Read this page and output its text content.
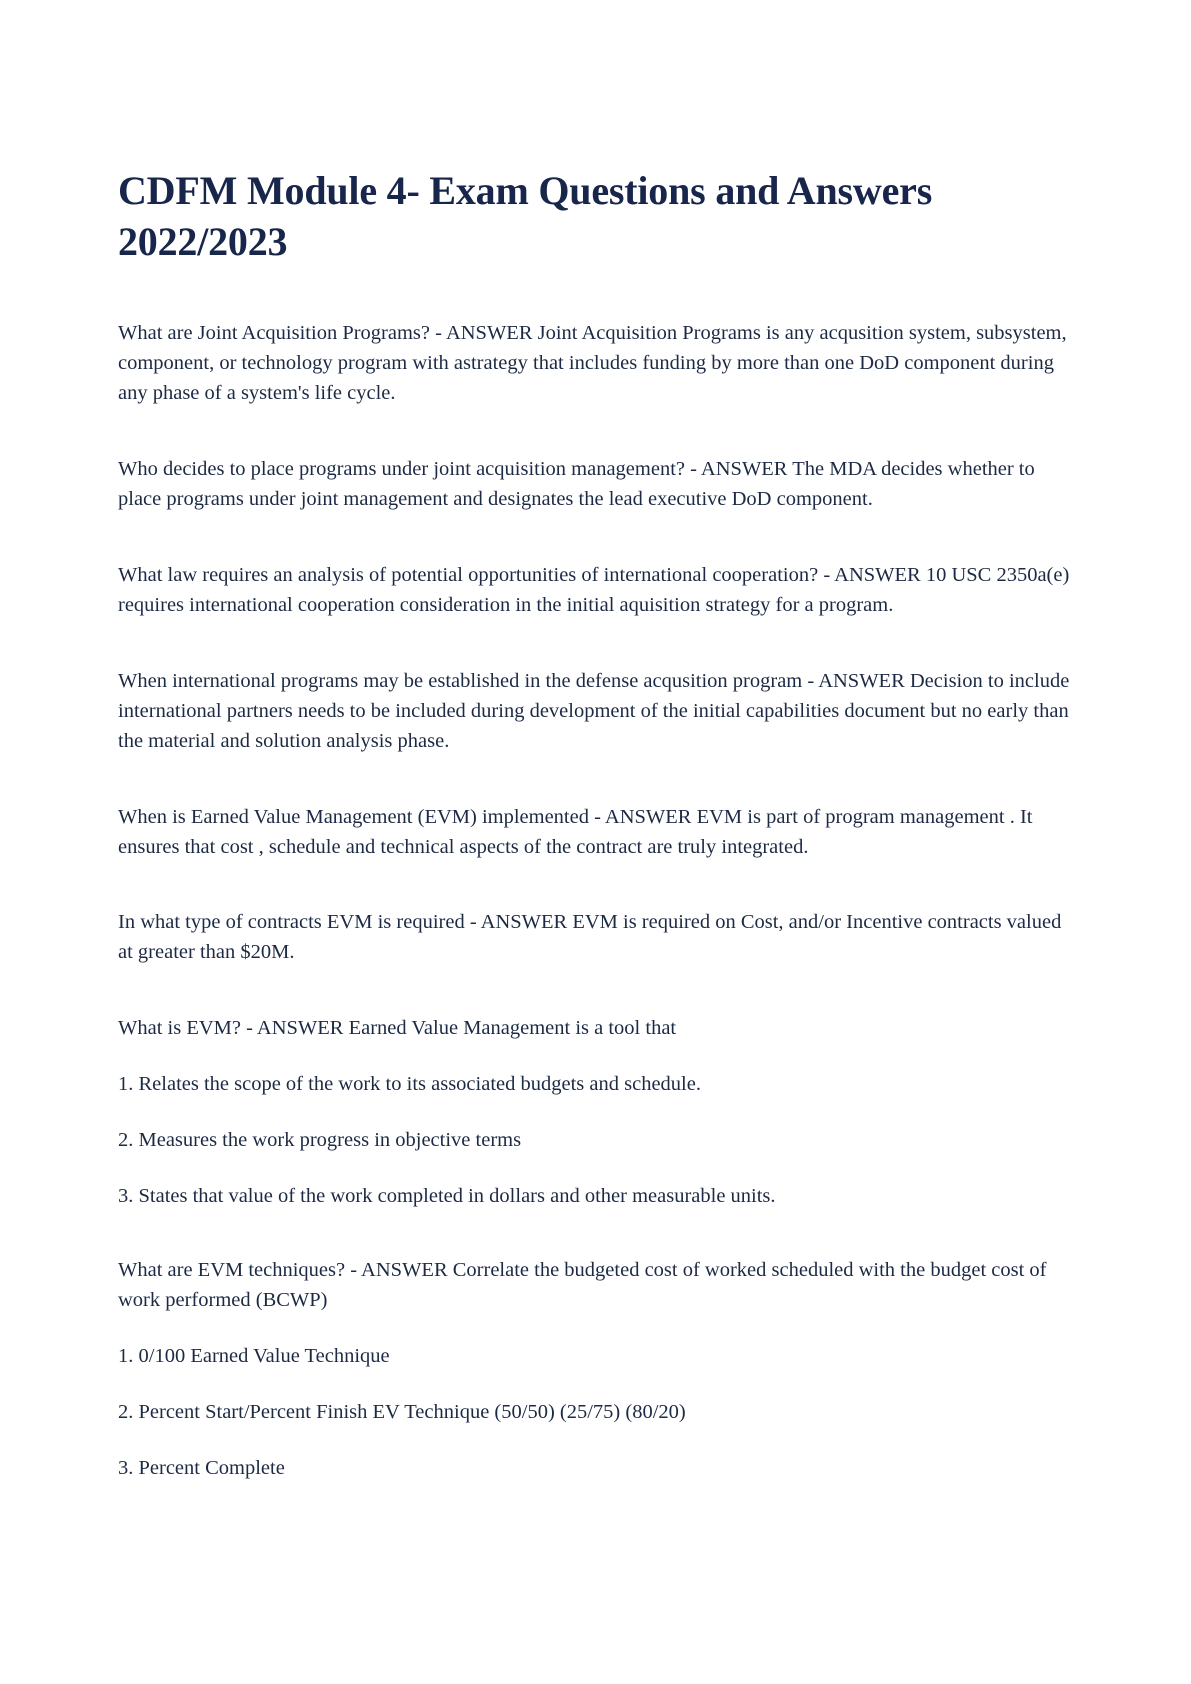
CDFM Module 4- Exam Questions and Answers 2022/2023

What are Joint Acquisition Programs? - ANSWER Joint Acquisition Programs is any acqusition system, subsystem, component, or technology program with astrategy that includes funding by more than one DoD component during any phase of a system's life cycle.

Who decides to place programs under joint acquisition management? - ANSWER The MDA decides whether to place programs under joint management and designates the lead executive DoD component.

What law requires an analysis of potential opportunities of international cooperation? - ANSWER 10 USC 2350a(e) requires international cooperation consideration in the initial aquisition strategy for a program.

When international programs may be established in the defense acqusition program - ANSWER Decision to include international partners needs to be included during development of the initial capabilities document but no early than the material and solution analysis phase.

When is Earned Value Management (EVM) implemented - ANSWER EVM is part of program management . It ensures that cost , schedule and technical aspects of the contract are truly integrated.

In what type of contracts EVM is required - ANSWER EVM is required on Cost, and/or Incentive contracts valued at greater than $20M.

What is EVM? - ANSWER Earned Value Management is a tool that

1. Relates the scope of the work to its associated budgets and schedule.
2. Measures the work progress in objective terms
3. States that value of the work completed in dollars and other measurable units.

What are EVM techniques? - ANSWER Correlate the budgeted cost of worked scheduled with the budget cost of work performed (BCWP)

1. 0/100 Earned Value Technique
2. Percent Start/Percent Finish EV Technique (50/50) (25/75) (80/20)
3. Percent Complete
